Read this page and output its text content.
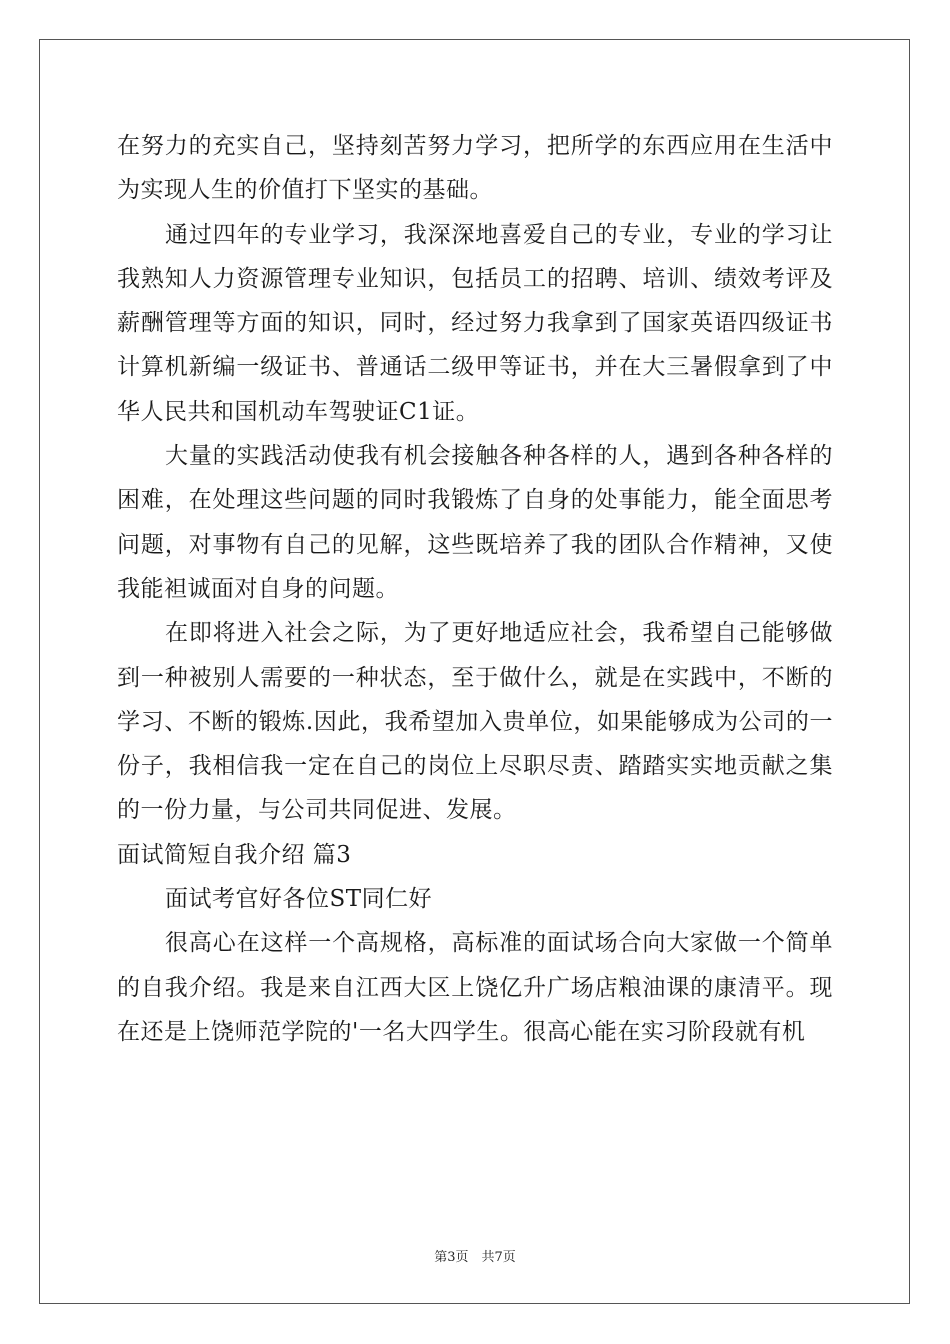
在努力的充实自己，坚持刻苦努力学习，把所学的东西应用在生活中为实现人生的价值打下坚实的基础。

通过四年的专业学习，我深深地喜爱自己的专业，专业的学习让我熟知人力资源管理专业知识，包括员工的招聘、培训、绩效考评及薪酬管理等方面的知识，同时，经过努力我拿到了国家英语四级证书计算机新编一级证书、普通话二级甲等证书，并在大三暑假拿到了中华人民共和国机动车驾驶证C1证。

大量的实践活动使我有机会接触各种各样的人，遇到各种各样的困难，在处理这些问题的同时我锻炼了自身的处事能力，能全面思考问题，对事物有自己的见解，这些既培养了我的团队合作精神，又使我能袒诚面对自身的问题。

在即将进入社会之际，为了更好地适应社会，我希望自己能够做到一种被别人需要的一种状态，至于做什么，就是在实践中，不断的学习、不断的锻炼.因此，我希望加入贵单位，如果能够成为公司的一份子，我相信我一定在自己的岗位上尽职尽责、踏踏实实地贡献之集的一份力量，与公司共同促进、发展。

面试简短自我介绍 篇3

面试考官好各位ST同仁好

很高心在这样一个高规格，高标准的面试场合向大家做一个简单的自我介绍。我是来自江西大区上饶亿升广场店粮油课的康清平。现在还是上饶师范学院的'一名大四学生。很高心能在实习阶段就有机

第3页　共7页
